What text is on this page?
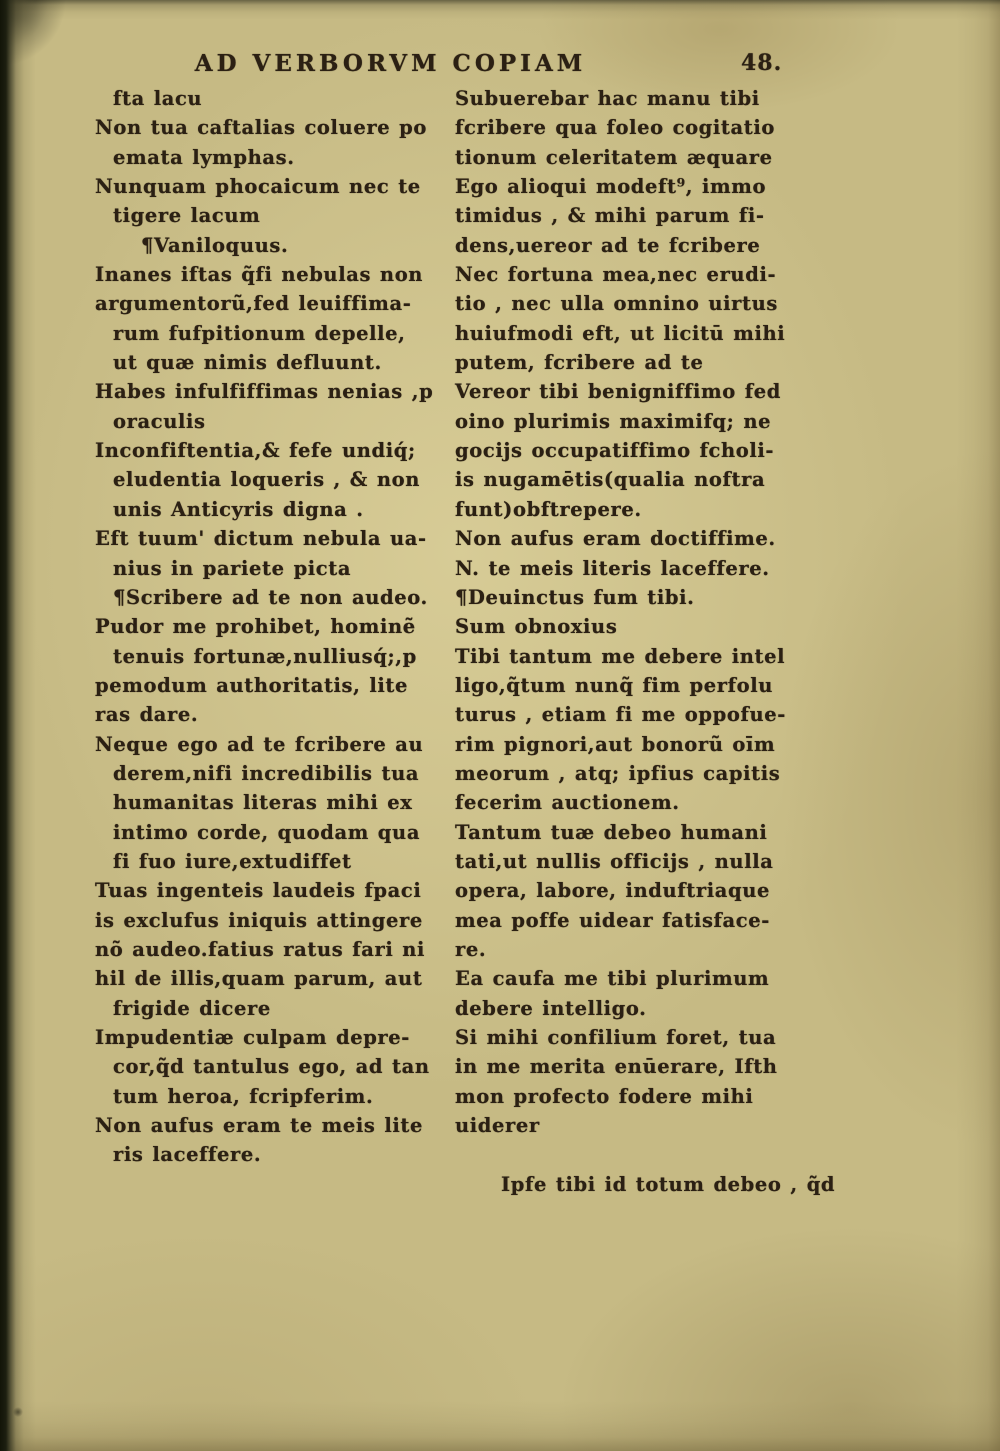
AD VERBORVM COPIAM	48.
fta lacu	Subuerebar hac manu tibi
Non tua caftalias coluere po	fcribere qua foleo cogitatio
emata lymphas.	tionum celeritatem æquare
Nunquam phocaicum nec te	Ego alioqui modeft⁹, immo
tigere lacum	timidus , & mihi parum fi-
¶Vaniloquus.	dens,uereor ad te fcribere
Inanes iftas q̃fi nebulas non	Nec fortuna mea,nec erudi-
argumentorũ,fed leuiffima-	tio , nec ulla omnino uirtus
rum fufpitionum depelle,	huiufmodi eft, ut licitū mihi
ut quæ nimis defluunt.	putem, fcribere ad te
Habes infulfiffimas nenias ,p	Vereor tibi benigniffimo fed
oraculis	oino plurimis maximifq; ne
Inconfiftentia,& fefe undiq́;	gocijs occupatiffimo fcholi-
eludentia loqueris , & non	is nugamētis(qualia noftra
unis Anticyris digna .	funt)obftrepere.
Eft tuum' dictum nebula ua-	Non aufus eram doctiffime.
nius in pariete picta	N. te meis literis laceffere.
¶Scribere ad te non audeo.	¶Deuinctus fum tibi.
Pudor me prohibet, hominẽ	Sum obnoxius
tenuis fortunæ,nulliusq́;,p	Tibi tantum me debere intel
pemodum authoritatis, lite	ligo,q̃tum nunq̃ fim perfolu
ras dare.	turus , etiam fi me oppofue-
Neque ego ad te fcribere au	rim pignori,aut bonorũ oīm
derem,nifi incredibilis tua	meorum , atq; ipfius capitis
humanitas literas mihi ex	fecerim auctionem.
intimo corde, quodam qua	Tantum tuæ debeo humani
fi fuo iure,extudiffet	tati,ut nullis officijs , nulla
Tuas ingenteis laudeis fpaci	opera, labore, induftriaque
is exclufus iniquis attingere	mea poffe uidear fatisface-
nõ audeo.fatius ratus fari ni	re.
hil de illis,quam parum, aut	Ea caufa me tibi plurimum
frigide dicere	debere intelligo.
Impudentiæ culpam depre-	Si mihi confilium foret, tua
cor,q̃d tantulus ego, ad tan	in me merita enūerare, Ifth
tum heroa, fcripferim.	mon profecto fodere mihi
Non aufus eram te meis lite	uiderer
ris laceffere.
Ipfe tibi id totum debeo , q̃d
